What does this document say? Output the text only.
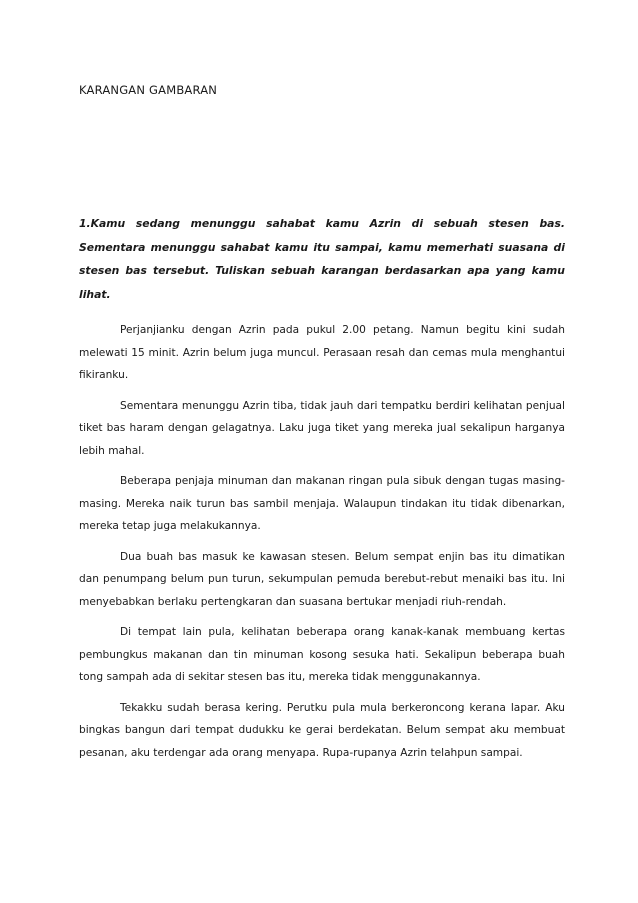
KARANGAN GAMBARAN
1.Kamu sedang menunggu sahabat kamu Azrin di sebuah stesen bas. Sementara menunggu sahabat kamu itu sampai, kamu memerhati suasana di stesen bas tersebut. Tuliskan sebuah karangan berdasarkan apa yang kamu lihat.

Perjanjianku dengan Azrin pada pukul 2.00 petang. Namun begitu kini sudah melewati 15 minit. Azrin belum juga muncul. Perasaan resah dan cemas mula menghantui fikiranku.

Sementara menunggu Azrin tiba, tidak jauh dari tempatku berdiri kelihatan penjual tiket bas haram dengan gelagatnya. Laku juga tiket yang mereka jual sekalipun harganya lebih mahal.

Beberapa penjaja minuman dan makanan ringan pula sibuk dengan tugas masing-masing. Mereka naik turun bas sambil menjaja. Walaupun tindakan itu tidak dibenarkan, mereka tetap juga melakukannya.

Dua buah bas masuk ke kawasan stesen. Belum sempat enjin bas itu dimatikan dan penumpang belum pun turun, sekumpulan pemuda berebut-rebut menaiki bas itu. Ini menyebabkan berlaku pertengkaran dan suasana bertukar menjadi riuh-rendah.

Di tempat lain pula, kelihatan beberapa orang kanak-kanak membuang kertas pembungkus makanan dan tin minuman kosong sesuka hati. Sekalipun beberapa buah tong sampah ada di sekitar stesen bas itu, mereka tidak menggunakannya.

Tekakku sudah berasa kering. Perutku pula mula berkeroncong kerana lapar. Aku bingkas bangun dari tempat dudukku ke gerai berdekatan. Belum sempat aku membuat pesanan, aku terdengar ada orang menyapa. Rupa-rupanya Azrin telahpun sampai.
